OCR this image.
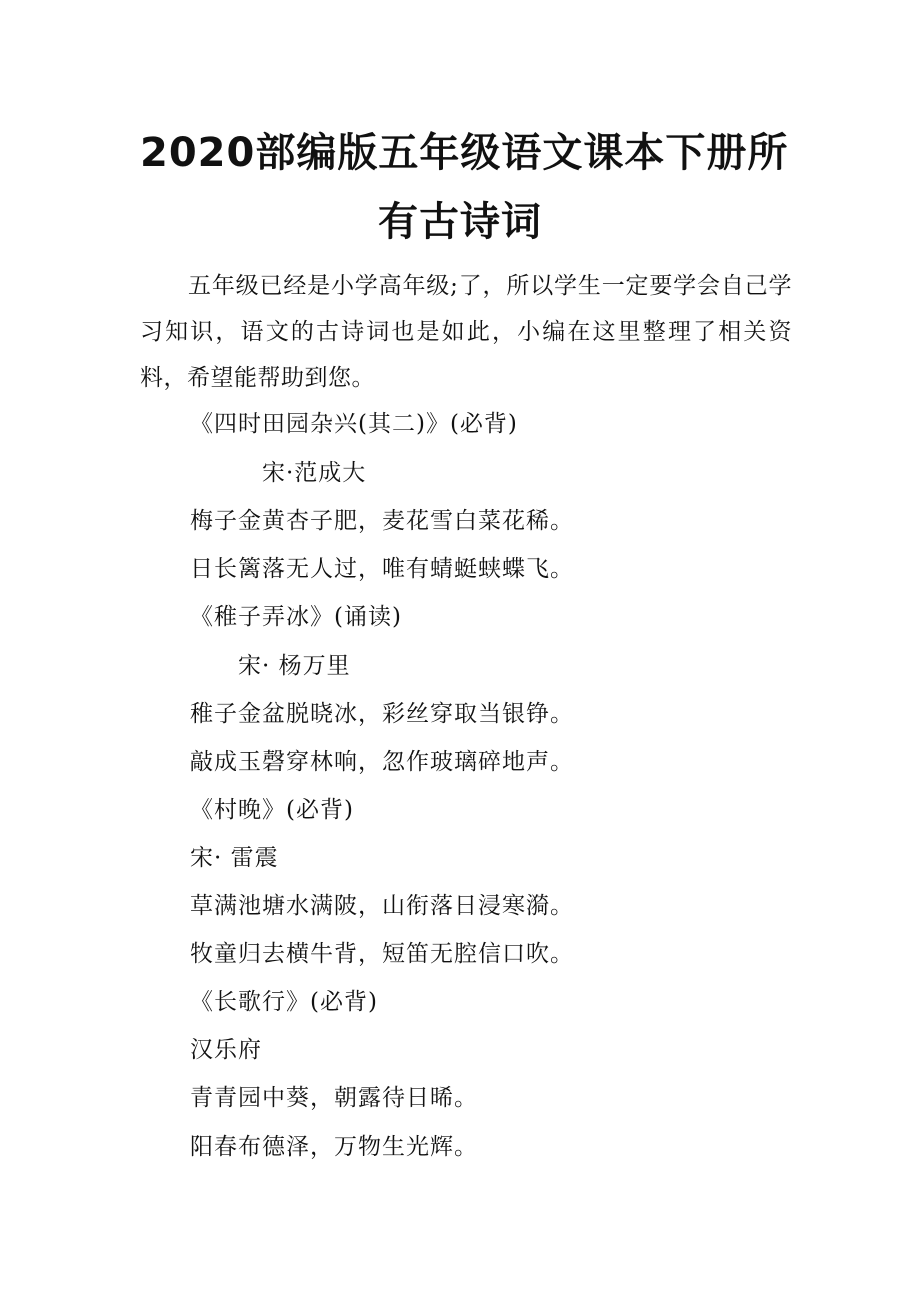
2020部编版五年级语文课本下册所
有古诗词

五年级已经是小学高年级;了，所以学生一定要学会自己学习知识，语文的古诗词也是如此，小编在这里整理了相关资料，希望能帮助到您。

《四时田园杂兴(其二)》(必背)

宋·范成大

梅子金黄杏子肥，麦花雪白菜花稀。

日长篱落无人过，唯有蜻蜓蛱蝶飞。

《稚子弄冰》(诵读)

宋· 杨万里

稚子金盆脱晓冰，彩丝穿取当银铮。

敲成玉磬穿林响，忽作玻璃碎地声。

《村晚》(必背)

宋· 雷震

草满池塘水满陂，山衔落日浸寒漪。

牧童归去横牛背，短笛无腔信口吹。

《长歌行》(必背)

汉乐府

青青园中葵，朝露待日晞。

阳春布德泽，万物生光辉。
